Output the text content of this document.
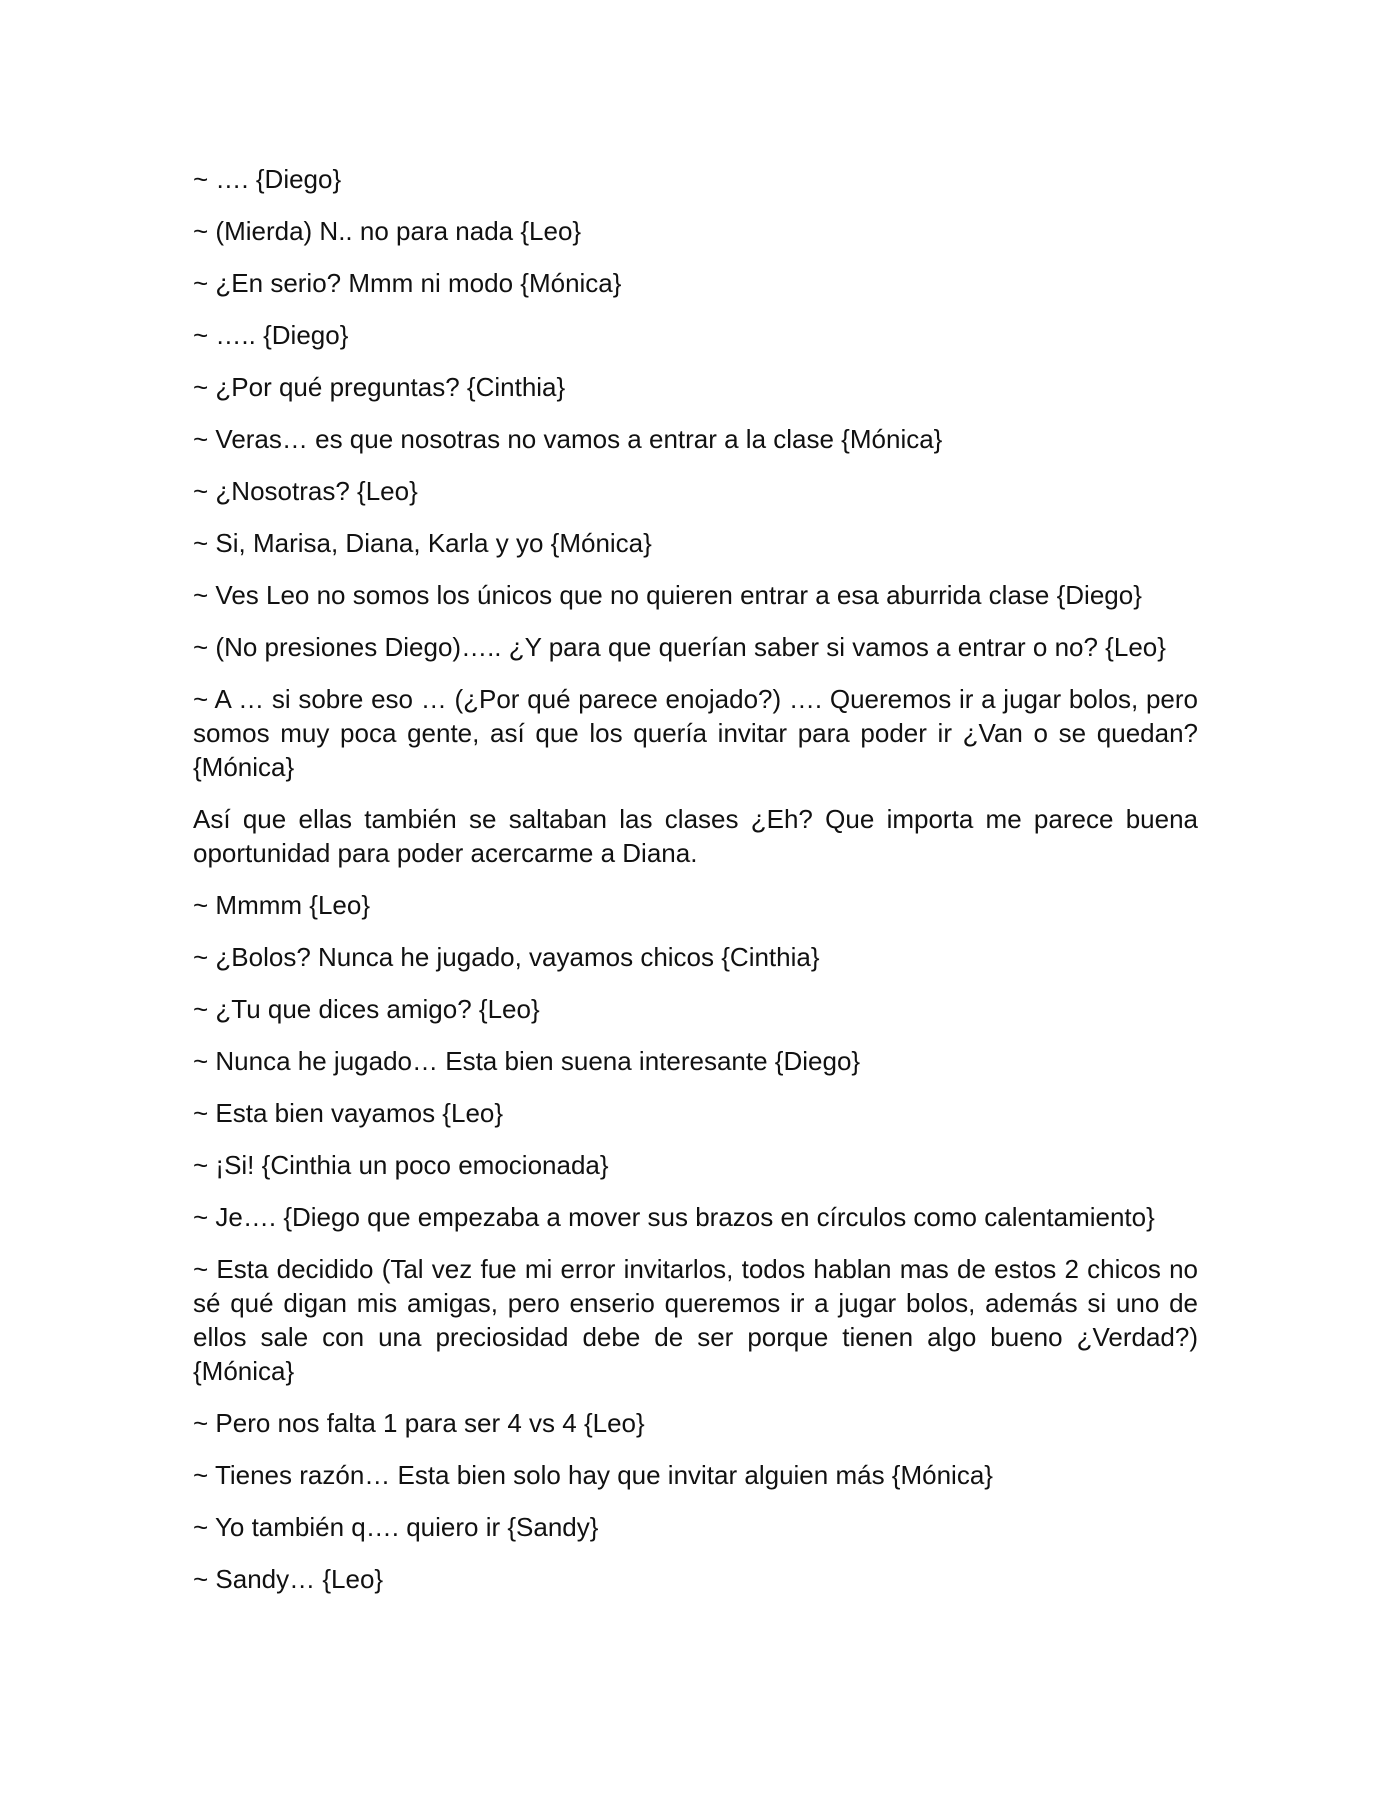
~ …. {Diego}

~ (Mierda) N.. no para nada {Leo}

~ ¿En serio? Mmm ni modo {Mónica}

~ ….. {Diego}

~ ¿Por qué preguntas? {Cinthia}

~ Veras… es que nosotras no vamos a entrar a la clase {Mónica}

~ ¿Nosotras? {Leo}

~ Si, Marisa, Diana, Karla y yo {Mónica}

~ Ves Leo no somos los únicos que no quieren entrar a esa aburrida clase {Diego}

~ (No presiones Diego)….. ¿Y para que querían saber si vamos a entrar o no? {Leo}

~ A … si sobre eso … (¿Por qué parece enojado?) …. Queremos ir a jugar bolos, pero somos muy poca gente, así que los quería invitar para poder ir ¿Van o se quedan? {Mónica}

Así que ellas también se saltaban las clases ¿Eh? Que importa me parece buena oportunidad para poder acercarme a Diana.

~ Mmmm {Leo}

~ ¿Bolos? Nunca he jugado, vayamos chicos {Cinthia}

~ ¿Tu que dices amigo? {Leo}

~ Nunca he jugado… Esta bien suena interesante {Diego}

~ Esta bien vayamos {Leo}

~ ¡Si! {Cinthia un poco emocionada}

~ Je…. {Diego que empezaba a mover sus brazos en círculos como calentamiento}

~ Esta decidido (Tal vez fue mi error invitarlos, todos hablan mas de estos 2 chicos no sé qué digan mis amigas, pero enserio queremos ir a jugar bolos, además si uno de ellos sale con una preciosidad debe de ser porque tienen algo bueno ¿Verdad?) {Mónica}

~ Pero nos falta 1 para ser 4 vs 4 {Leo}

~ Tienes razón… Esta bien solo hay que invitar alguien más {Mónica}

~ Yo también q…. quiero ir {Sandy}

~ Sandy… {Leo}
